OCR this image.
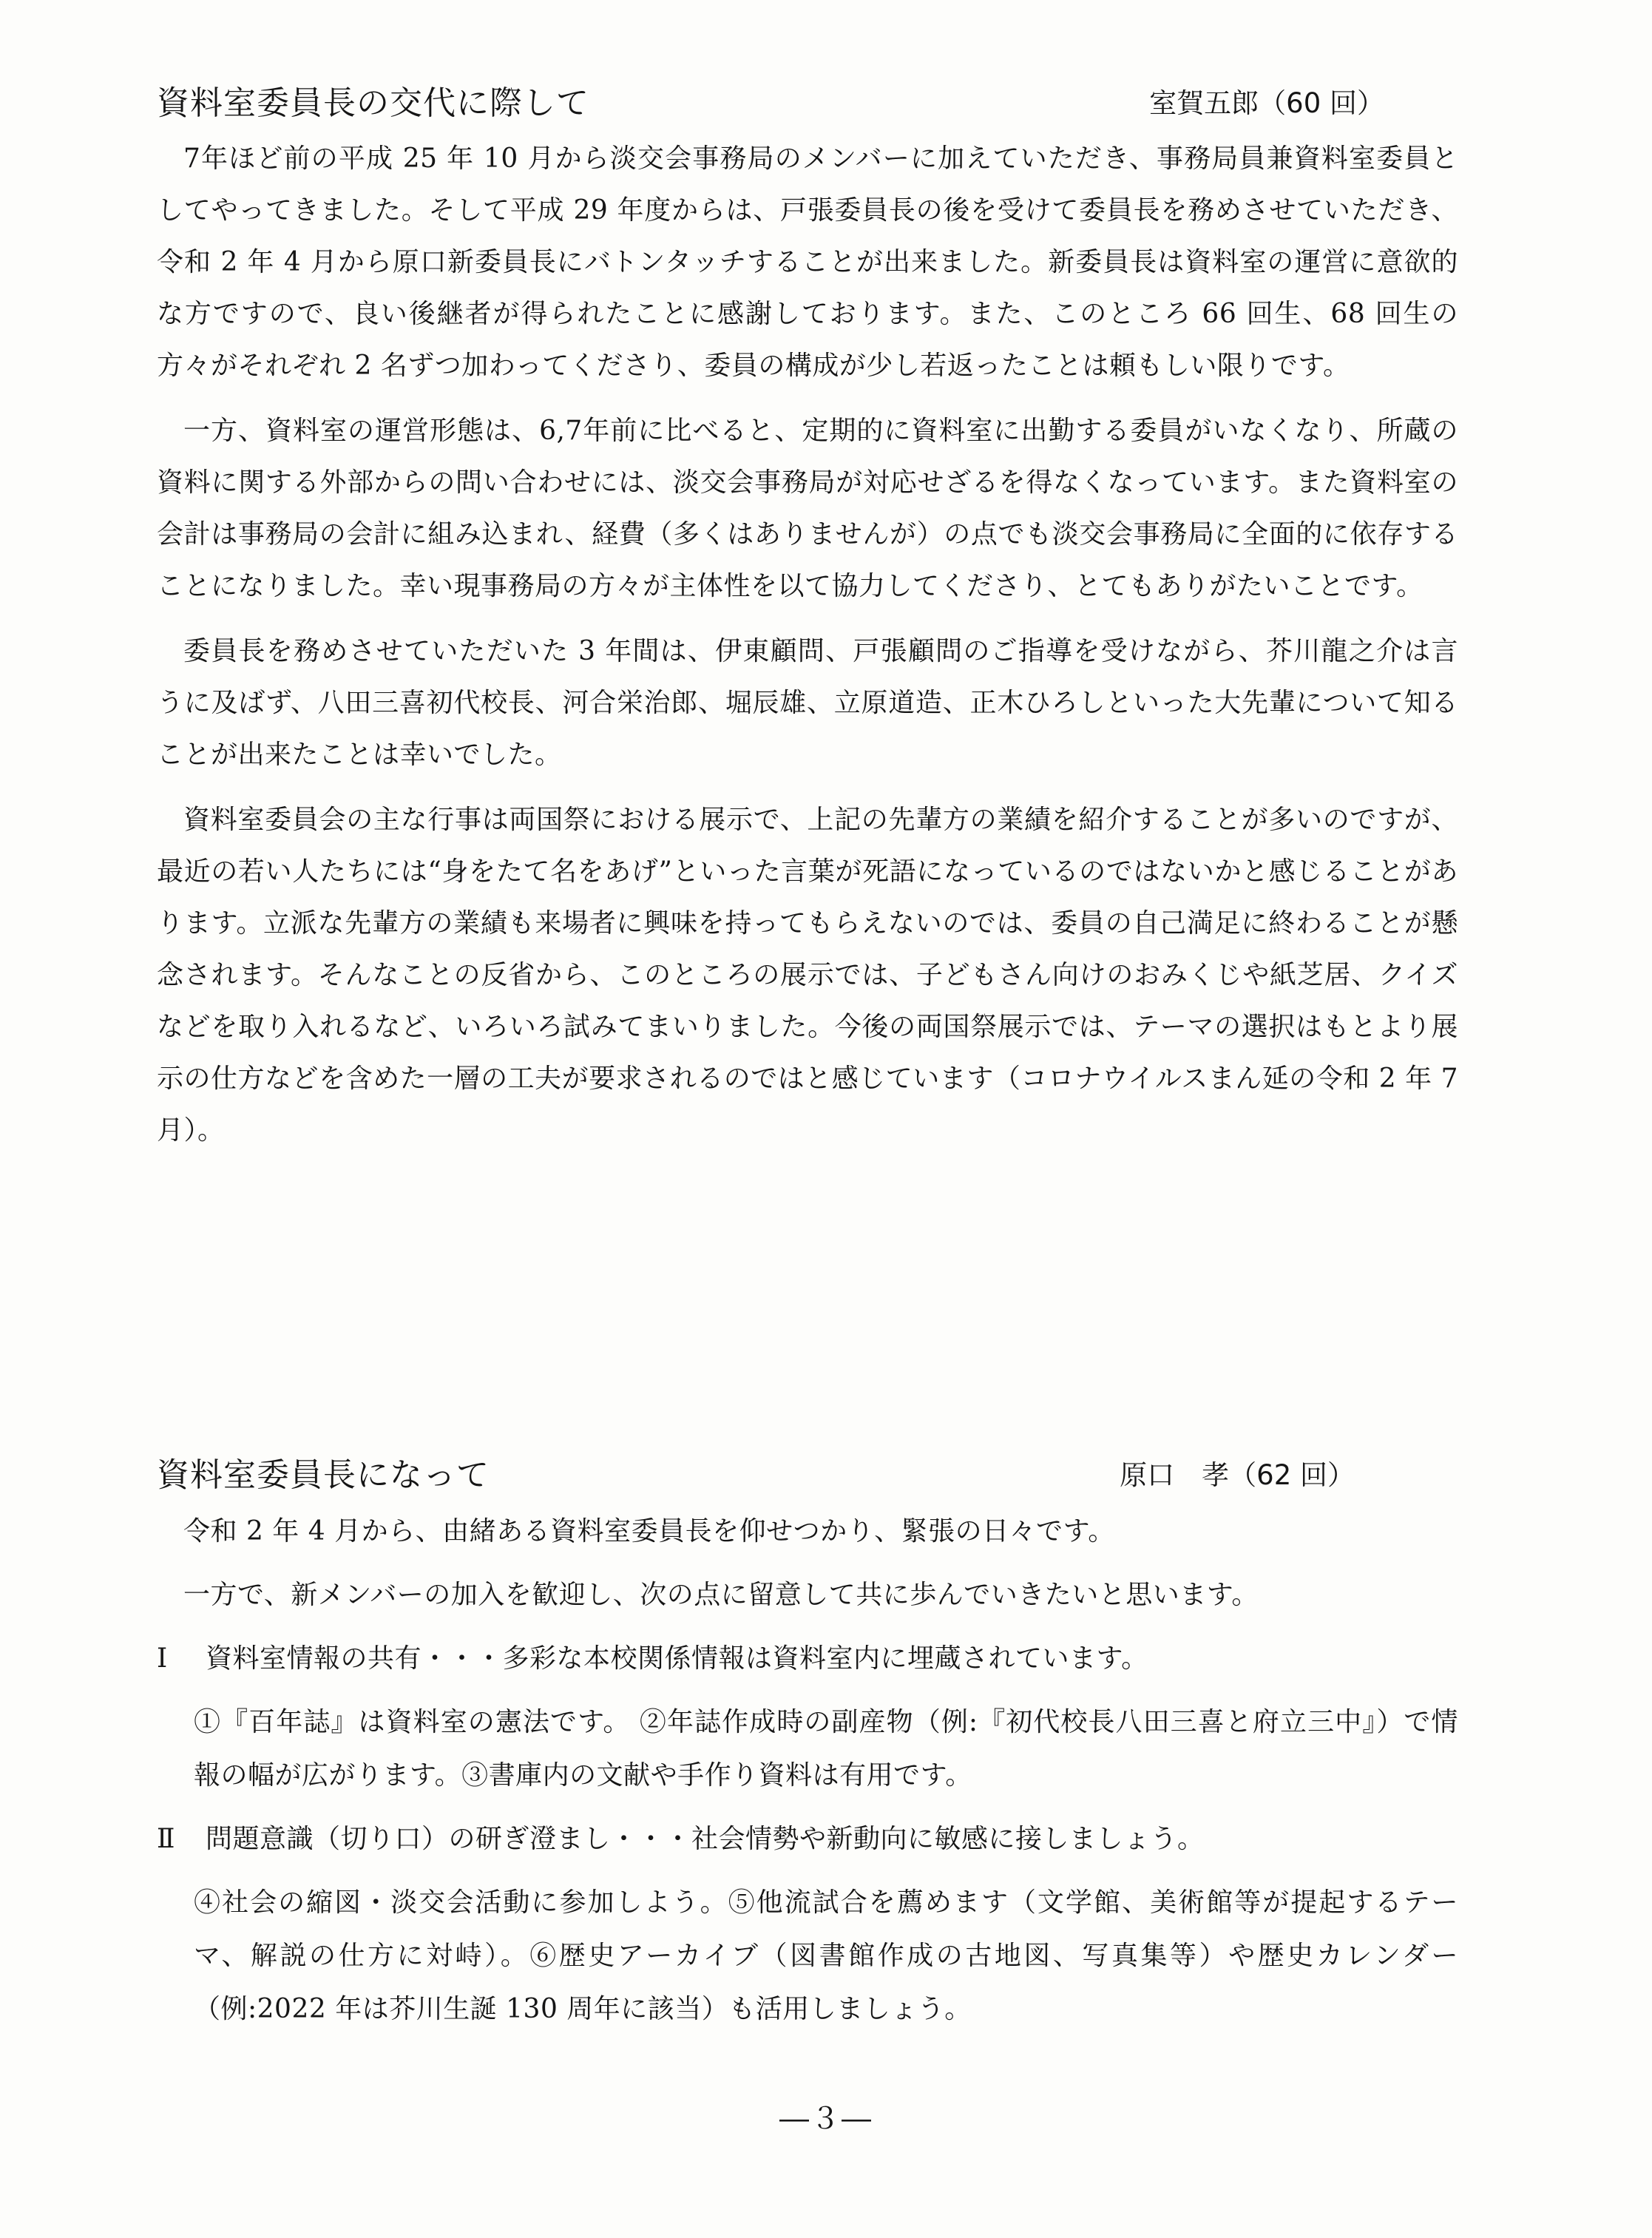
資料室委員長の交代に際して	室賀五郎（60 回）

7年ほど前の平成 25 年 10 月から淡交会事務局のメンバーに加えていただき、事務局員兼資料室委員としてやってきました。そして平成 29 年度からは、戸張委員長の後を受けて委員長を務めさせていただき、令和 2 年 4 月から原口新委員長にバトンタッチすることが出来ました。新委員長は資料室の運営に意欲的な方ですので、良い後継者が得られたことに感謝しております。また、このところ 66 回生、68 回生の方々がそれぞれ 2 名ずつ加わってくださり、委員の構成が少し若返ったことは頼もしい限りです。

一方、資料室の運営形態は、6,7年前に比べると、定期的に資料室に出勤する委員がいなくなり、所蔵の資料に関する外部からの問い合わせには、淡交会事務局が対応せざるを得なくなっています。また資料室の会計は事務局の会計に組み込まれ、経費（多くはありませんが）の点でも淡交会事務局に全面的に依存することになりました。幸い現事務局の方々が主体性を以て協力してくださり、とてもありがたいことです。

委員長を務めさせていただいた 3 年間は、伊東顧問、戸張顧問のご指導を受けながら、芥川龍之介は言うに及ばず、八田三喜初代校長、河合栄治郎、堀辰雄、立原道造、正木ひろしといった大先輩について知ることが出来たことは幸いでした。

資料室委員会の主な行事は両国祭における展示で、上記の先輩方の業績を紹介することが多いのですが、最近の若い人たちには“身をたて名をあげ”といった言葉が死語になっているのではないかと感じることがあります。立派な先輩方の業績も来場者に興味を持ってもらえないのでは、委員の自己満足に終わることが懸念されます。そんなことの反省から、このところの展示では、子どもさん向けのおみくじや紙芝居、クイズなどを取り入れるなど、いろいろ試みてまいりました。今後の両国祭展示では、テーマの選択はもとより展示の仕方などを含めた一層の工夫が要求されるのではと感じています（コロナウイルスまん延の令和 2 年 7 月）。

資料室委員長になって	原口　孝（62 回）

令和 2 年 4 月から、由緒ある資料室委員長を仰せつかり、緊張の日々です。

一方で、新メンバーの加入を歓迎し、次の点に留意して共に歩んでいきたいと思います。

Ⅰ 資料室情報の共有・・・多彩な本校関係情報は資料室内に埋蔵されています。

①『百年誌』は資料室の憲法です。 ②年誌作成時の副産物（例:『初代校長八田三喜と府立三中』）で情報の幅が広がります。③書庫内の文献や手作り資料は有用です。

Ⅱ 問題意識（切り口）の研ぎ澄まし・・・社会情勢や新動向に敏感に接しましょう。

④社会の縮図・淡交会活動に参加しよう。⑤他流試合を薦めます（文学館、美術館等が提起するテーマ、解説の仕方に対峙）。⑥歴史アーカイブ（図書館作成の古地図、写真集等）や歴史カレンダー（例:2022 年は芥川生誕 130 周年に該当）も活用しましょう。

―３―
